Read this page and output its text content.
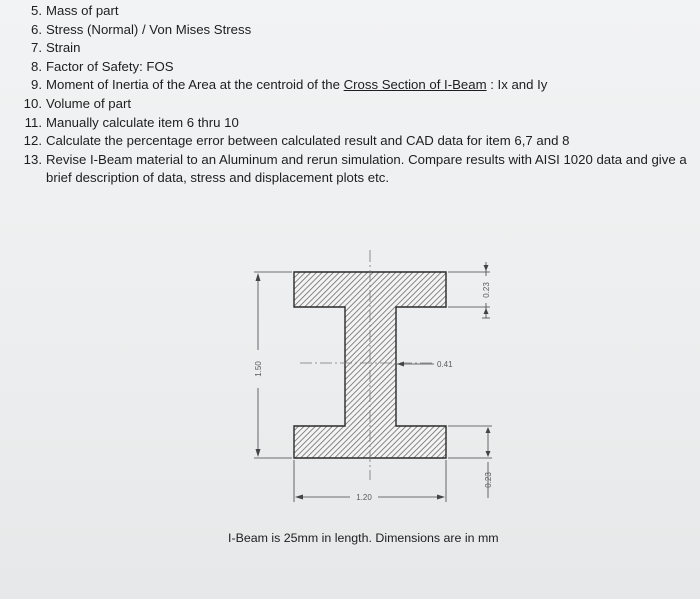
5. Mass of part
6. Stress (Normal) / Von Mises Stress
7. Strain
8. Factor of Safety: FOS
9. Moment of Inertia of the Area at the centroid of the Cross Section of I-Beam : Ix and Iy
10. Volume of part
11. Manually calculate item 6 thru 10
12. Calculate the percentage error between calculated result and CAD data for item 6,7 and 8
13. Revise I-Beam material to an Aluminum and rerun simulation. Compare results with AISI 1020 data and give a brief description of data, stress and displacement plots etc.
1.50
1.20
0.41
0.23
0.23
I-Beam is 25mm in length. Dimensions are in mm
